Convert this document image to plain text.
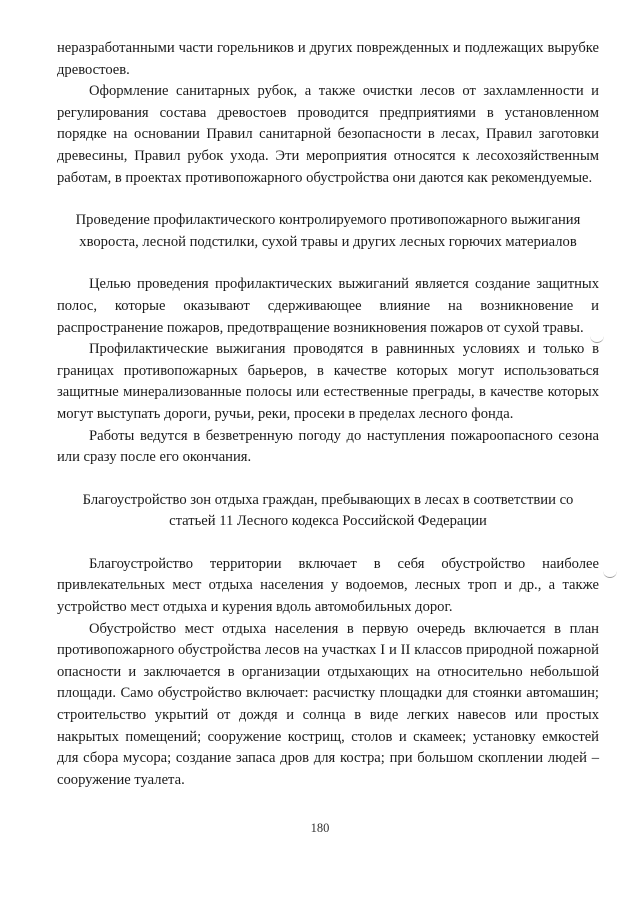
неразработанными части горельников и других поврежденных и подлежащих вырубке древостоев.

Оформление санитарных рубок, а также очистки лесов от захламленности и регулирования состава древостоев проводится предприятиями в установленном порядке на основании Правил санитарной безопасности в лесах, Правил заготовки древесины, Правил рубок ухода. Эти мероприятия относятся к лесохозяйственным работам, в проектах противопожарного обустройства они даются как рекомендуемые.

Проведение профилактического контролируемого противопожарного выжигания хвороста, лесной подстилки, сухой травы и других лесных горючих материалов

Целью проведения профилактических выжиганий является создание защитных полос, которые оказывают сдерживающее влияние на возникновение и распространение пожаров, предотвращение возникновения пожаров от сухой травы.

Профилактические выжигания проводятся в равнинных условиях и только в границах противопожарных барьеров, в качестве которых могут использоваться защитные минерализованные полосы или естественные преграды, в качестве которых могут выступать дороги, ручьи, реки, просеки в пределах лесного фонда.

Работы ведутся в безветренную погоду до наступления пожароопасного сезона или сразу после его окончания.

Благоустройство зон отдыха граждан, пребывающих в лесах в соответствии со статьей 11 Лесного кодекса Российской Федерации

Благоустройство территории включает в себя обустройство наиболее привлекательных мест отдыха населения у водоемов, лесных троп и др., а также устройство мест отдыха и курения вдоль автомобильных дорог.

Обустройство мест отдыха населения в первую очередь включается в план противопожарного обустройства лесов на участках I и II классов природной пожарной опасности и заключается в организации отдыхающих на относительно небольшой площади. Само обустройство включает: расчистку площадки для стоянки автомашин; строительство укрытий от дождя и солнца в виде легких навесов или простых накрытых помещений; сооружение кострищ, столов и скамеек; установку емкостей для сбора мусора; создание запаса дров для костра; при большом скоплении людей – сооружение туалета.

180
